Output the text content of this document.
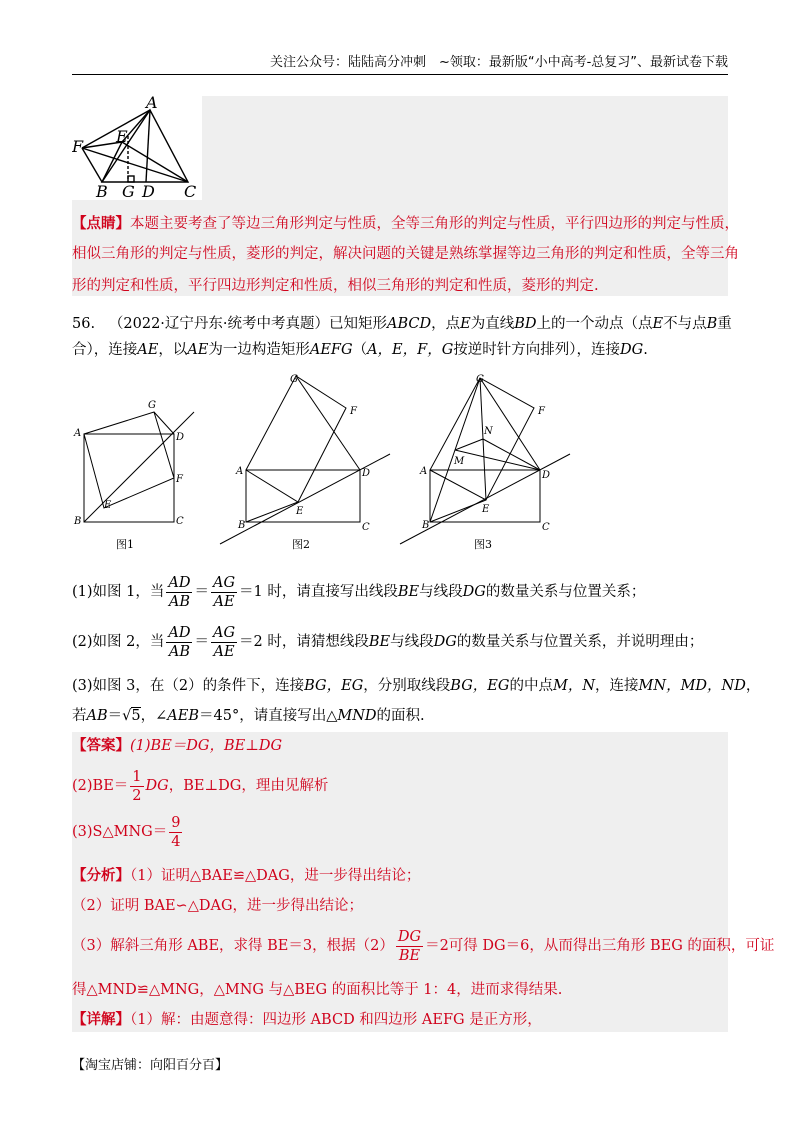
关注公众号：陆陆高分冲刺　~领取：最新版“小中高考-总复习”、最新试卷下载
A
E
F
B G D C
【点睛】本题主要考查了等边三角形判定与性质，全等三角形的判定与性质，平行四边形的判定与性质，
相似三角形的判定与性质，菱形的判定，解决问题的关键是熟练掌握等边三角形的判定和性质，全等三角
形的判定和性质，平行四边形判定和性质，相似三角形的判定和性质，菱形的判定.
56. （2022·辽宁丹东·统考中考真题）已知矩形ABCD，点E为直线BD上的一个动点（点E不与点B重
合），连接AE，以AE为一边构造矩形AEFG（A，E，F，G按逆时针方向排列），连接DG.
A
G
D
F
E
B	C
G
F
A	D
E
B	C
G
F
N
M
A	D
E
B	C
图1	图2	图3
(1)如图 1，当 $\frac{AD}{AB} = \frac{AG}{AE} =1$ 时，请直接写出线段BE与线段DG的数量关系与位置关系；
(2)如图 2，当 $\frac{AD}{AB} = \frac{AG}{AE} =2$ 时，请猜想线段BE与线段DG的数量关系与位置关系，并说明理由；
(3)如图 3，在（2）的条件下，连接BG，EG，分别取线段BG，EG的中点M，N，连接MN，MD，ND，
若AB＝√5，∠AEB＝45°，请直接写出△MND的面积.
【答案】(1)BE＝DG，BE⊥DG
$(2)BE= \frac{1}{2}$ DG，BE⊥DG，理由见解析
(3)S△MNG＝ $\frac{9}{4}$
【分析】（1）证明△BAE≌△DAG，进一步得出结论；
（2）证明 BAE∽△DAG，进一步得出结论；
（3）解斜三角形 ABE，求得 BE＝3，根据$(2) \frac{DG}{BE} =2$可得 DG＝6，从而得出三角形 BEG 的面积，可证
得△MND≌△MNG，△MNG 与△BEG 的面积比等于 1：4，进而求得结果.
【详解】（1）解：由题意得：四边形 ABCD 和四边形 AEFG 是正方形，
【淘宝店铺：向阳百分百】
